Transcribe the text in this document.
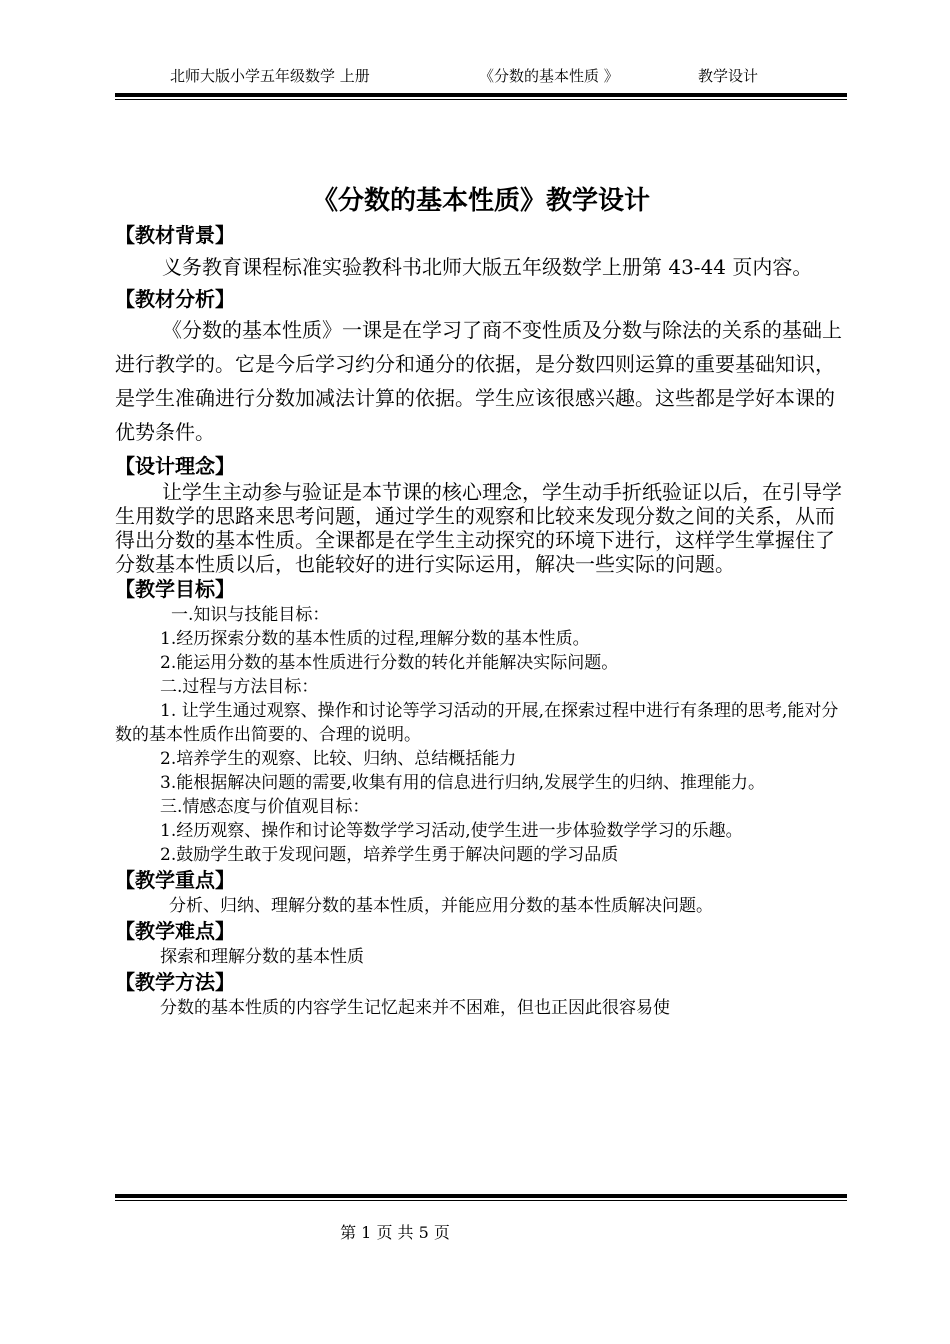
北师大版小学五年级数学 上册	《分数的基本性质 》	教学设计
《分数的基本性质》教学设计

【教材背景】

义务教育课程标准实验教科书北师大版五年级数学上册第 43-44 页内容。

【教材分析】

《分数的基本性质》一课是在学习了商不变性质及分数与除法的关系的基础上进行教学的。它是今后学习约分和通分的依据，是分数四则运算的重要基础知识，是学生准确进行分数加减法计算的依据。学生应该很感兴趣。这些都是学好本课的优势条件。

【设计理念】

让学生主动参与验证是本节课的核心理念，学生动手折纸验证以后，在引导学生用数学的思路来思考问题，通过学生的观察和比较来发现分数之间的关系，从而得出分数的基本性质。全课都是在学生主动探究的环境下进行，这样学生掌握住了分数基本性质以后，也能较好的进行实际运用，解决一些实际的问题。

【教学目标】

一.知识与技能目标：

1.经历探索分数的基本性质的过程,理解分数的基本性质。

2.能运用分数的基本性质进行分数的转化并能解决实际问题。

二.过程与方法目标：

1. 让学生通过观察、操作和讨论等学习活动的开展,在探索过程中进行有条理的思考,能对分数的基本性质作出简要的、合理的说明。

2.培养学生的观察、比较、归纳、总结概括能力

3.能根据解决问题的需要,收集有用的信息进行归纳,发展学生的归纳、推理能力。

三.情感态度与价值观目标：

1.经历观察、操作和讨论等数学学习活动,使学生进一步体验数学学习的乐趣。

2.鼓励学生敢于发现问题，培养学生勇于解决问题的学习品质

【教学重点】

分析、归纳、理解分数的基本性质，并能应用分数的基本性质解决问题。

【教学难点】

探索和理解分数的基本性质

【教学方法】

分数的基本性质的内容学生记忆起来并不困难，但也正因此很容易使

第 1 页 共 5 页
